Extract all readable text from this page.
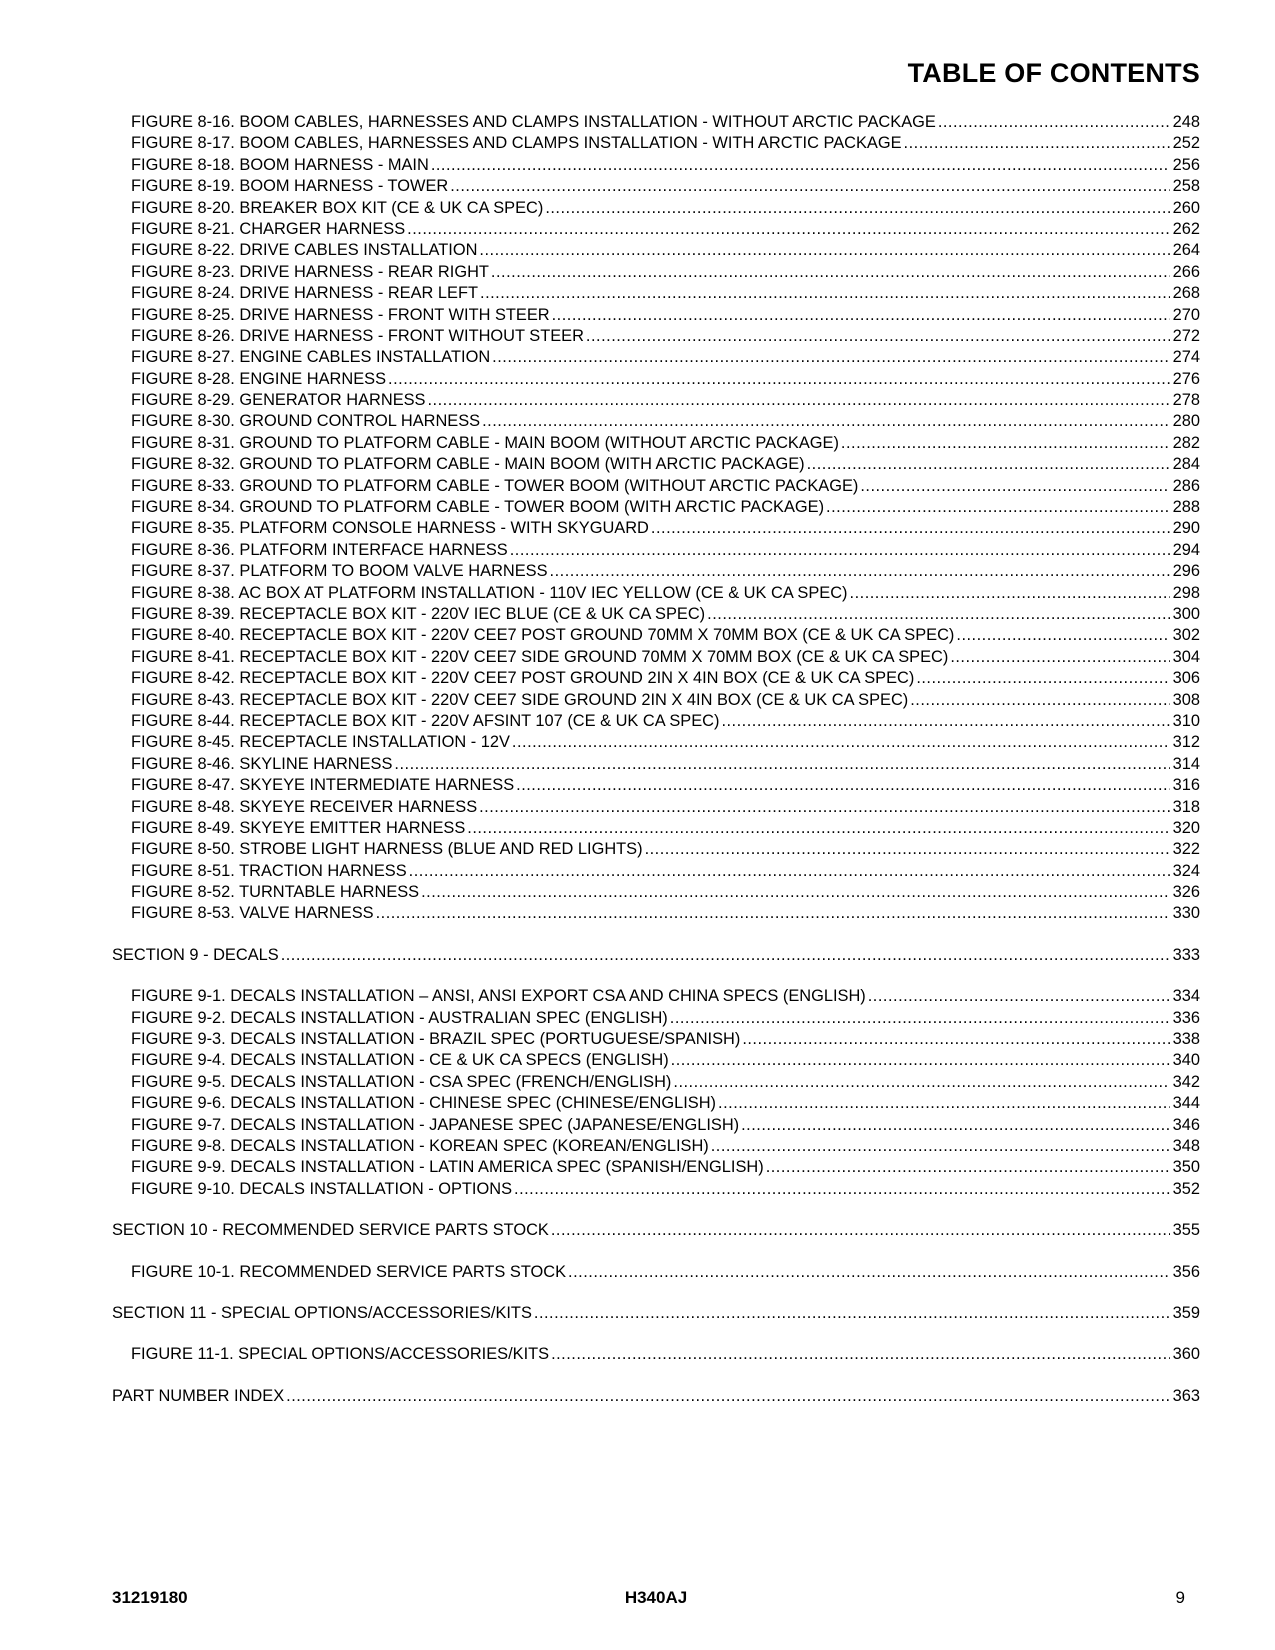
TABLE OF CONTENTS
FIGURE 8-16. BOOM CABLES, HARNESSES AND CLAMPS INSTALLATION - WITHOUT ARCTIC PACKAGE .....	248
FIGURE 8-17. BOOM CABLES, HARNESSES AND CLAMPS INSTALLATION - WITH ARCTIC PACKAGE .....	252
FIGURE 8-18. BOOM HARNESS - MAIN .....	256
FIGURE 8-19. BOOM HARNESS - TOWER .....	258
FIGURE 8-20. BREAKER BOX KIT (CE & UK CA SPEC) .....	260
FIGURE 8-21. CHARGER HARNESS .....	262
FIGURE 8-22. DRIVE CABLES INSTALLATION .....	264
FIGURE 8-23. DRIVE HARNESS - REAR RIGHT .....	266
FIGURE 8-24. DRIVE HARNESS - REAR LEFT .....	268
FIGURE 8-25. DRIVE HARNESS - FRONT WITH STEER .....	270
FIGURE 8-26. DRIVE HARNESS - FRONT WITHOUT STEER .....	272
FIGURE 8-27. ENGINE CABLES INSTALLATION .....	274
FIGURE 8-28. ENGINE HARNESS .....	276
FIGURE 8-29. GENERATOR HARNESS .....	278
FIGURE 8-30. GROUND CONTROL HARNESS .....	280
FIGURE 8-31. GROUND TO PLATFORM CABLE - MAIN BOOM (WITHOUT ARCTIC PACKAGE) .....	282
FIGURE 8-32. GROUND TO PLATFORM CABLE - MAIN BOOM (WITH ARCTIC PACKAGE) .....	284
FIGURE 8-33. GROUND TO PLATFORM CABLE - TOWER BOOM (WITHOUT ARCTIC PACKAGE) .....	286
FIGURE 8-34. GROUND TO PLATFORM CABLE - TOWER BOOM (WITH ARCTIC PACKAGE) .....	288
FIGURE 8-35. PLATFORM CONSOLE HARNESS - WITH SKYGUARD .....	290
FIGURE 8-36. PLATFORM INTERFACE HARNESS .....	294
FIGURE 8-37. PLATFORM TO BOOM VALVE HARNESS .....	296
FIGURE 8-38. AC BOX AT PLATFORM INSTALLATION - 110V IEC YELLOW (CE & UK CA SPEC) .....	298
FIGURE 8-39. RECEPTACLE BOX KIT - 220V IEC BLUE (CE & UK CA SPEC) .....	300
FIGURE 8-40. RECEPTACLE BOX KIT - 220V CEE7 POST GROUND 70MM X 70MM BOX (CE & UK CA SPEC) .....	302
FIGURE 8-41. RECEPTACLE BOX KIT - 220V CEE7 SIDE GROUND 70MM X 70MM BOX (CE & UK CA SPEC) .....	304
FIGURE 8-42. RECEPTACLE BOX KIT - 220V CEE7 POST GROUND 2IN X 4IN BOX (CE & UK CA SPEC) .....	306
FIGURE 8-43. RECEPTACLE BOX KIT - 220V CEE7 SIDE GROUND 2IN X 4IN BOX (CE & UK CA SPEC) .....	308
FIGURE 8-44. RECEPTACLE BOX KIT - 220V AFSINT 107 (CE & UK CA SPEC) .....	310
FIGURE 8-45. RECEPTACLE INSTALLATION - 12V .....	312
FIGURE 8-46. SKYLINE HARNESS .....	314
FIGURE 8-47. SKYEYE INTERMEDIATE HARNESS .....	316
FIGURE 8-48. SKYEYE RECEIVER HARNESS .....	318
FIGURE 8-49. SKYEYE EMITTER HARNESS .....	320
FIGURE 8-50. STROBE LIGHT HARNESS (BLUE AND RED LIGHTS) .....	322
FIGURE 8-51. TRACTION HARNESS .....	324
FIGURE 8-52. TURNTABLE HARNESS .....	326
FIGURE 8-53. VALVE HARNESS .....	330
SECTION 9 - DECALS .....	333
FIGURE 9-1. DECALS INSTALLATION – ANSI, ANSI EXPORT CSA AND CHINA SPECS (ENGLISH) .....	334
FIGURE 9-2. DECALS INSTALLATION - AUSTRALIAN SPEC (ENGLISH) .....	336
FIGURE 9-3. DECALS INSTALLATION - BRAZIL SPEC (PORTUGUESE/SPANISH) .....	338
FIGURE 9-4. DECALS INSTALLATION - CE & UK CA SPECS (ENGLISH) .....	340
FIGURE 9-5. DECALS INSTALLATION - CSA SPEC (FRENCH/ENGLISH) .....	342
FIGURE 9-6. DECALS INSTALLATION - CHINESE SPEC (CHINESE/ENGLISH) .....	344
FIGURE 9-7. DECALS INSTALLATION - JAPANESE SPEC (JAPANESE/ENGLISH) .....	346
FIGURE 9-8. DECALS INSTALLATION - KOREAN SPEC (KOREAN/ENGLISH) .....	348
FIGURE 9-9. DECALS INSTALLATION - LATIN AMERICA SPEC (SPANISH/ENGLISH) .....	350
FIGURE 9-10. DECALS INSTALLATION - OPTIONS .....	352
SECTION 10 - RECOMMENDED SERVICE PARTS STOCK .....	355
FIGURE 10-1. RECOMMENDED SERVICE PARTS STOCK .....	356
SECTION 11 - SPECIAL OPTIONS/ACCESSORIES/KITS .....	359
FIGURE 11-1. SPECIAL OPTIONS/ACCESSORIES/KITS .....	360
PART NUMBER INDEX .....	363
31219180	H340AJ	9
